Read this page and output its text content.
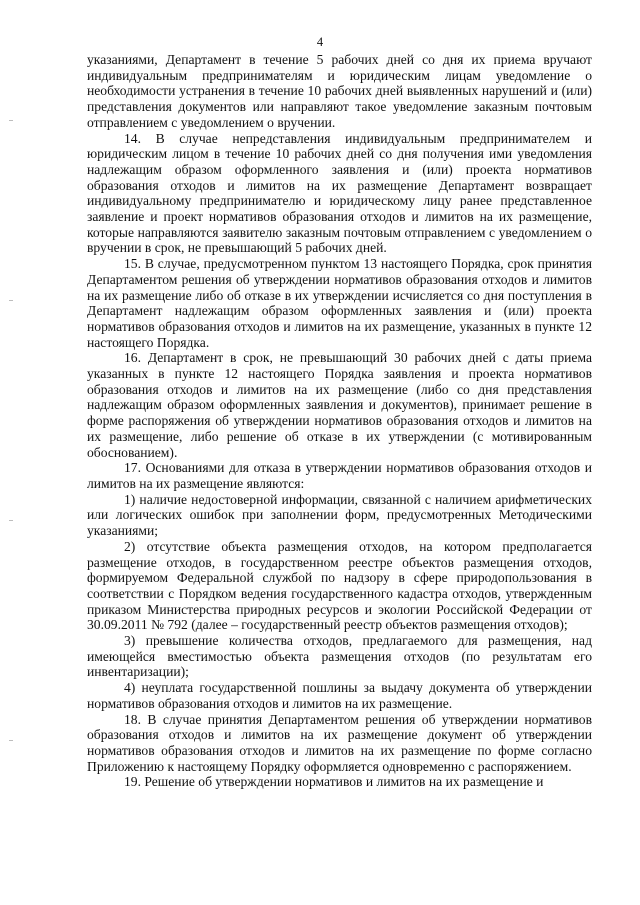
4

указаниями, Департамент в течение 5 рабочих дней со дня их приема вручают индивидуальным предпринимателям и юридическим лицам уведомление о необходимости устранения в течение 10 рабочих дней выявленных нарушений и (или) представления документов или направляют такое уведомление заказным почтовым отправлением с уведомлением о вручении.

14. В случае непредставления индивидуальным предпринимателем и юридическим лицом в течение 10 рабочих дней со дня получения ими уведомления надлежащим образом оформленного заявления и (или) проекта нормативов образования отходов и лимитов на их размещение Департамент возвращает индивидуальному предпринимателю и юридическому лицу ранее представленное заявление и проект нормативов образования отходов и лимитов на их размещение, которые направляются заявителю заказным почтовым отправлением с уведомлением о вручении в срок, не превышающий 5 рабочих дней.

15. В случае, предусмотренном пунктом 13 настоящего Порядка, срок принятия Департаментом решения об утверждении нормативов образования отходов и лимитов на их размещение либо об отказе в их утверждении исчисляется со дня поступления в Департамент надлежащим образом оформленных заявления и (или) проекта нормативов образования отходов и лимитов на их размещение, указанных в пункте 12 настоящего Порядка.

16. Департамент в срок, не превышающий 30 рабочих дней с даты приема указанных в пункте 12 настоящего Порядка заявления и проекта нормативов образования отходов и лимитов на их размещение (либо со дня представления надлежащим образом оформленных заявления и документов), принимает решение в форме распоряжения об утверждении нормативов образования отходов и лимитов на их размещение, либо решение об отказе в их утверждении (с мотивированным обоснованием).

17. Основаниями для отказа в утверждении нормативов образования отходов и лимитов на их размещение являются:

1) наличие недостоверной информации, связанной с наличием арифметических или логических ошибок при заполнении форм, предусмотренных Методическими указаниями;

2) отсутствие объекта размещения отходов, на котором предполагается размещение отходов, в государственном реестре объектов размещения отходов, формируемом Федеральной службой по надзору в сфере природопользования в соответствии с Порядком ведения государственного кадастра отходов, утвержденным приказом Министерства природных ресурсов и экологии Российской Федерации от 30.09.2011 № 792 (далее – государственный реестр объектов размещения отходов);

3) превышение количества отходов, предлагаемого для размещения, над имеющейся вместимостью объекта размещения отходов (по результатам его инвентаризации);

4) неуплата государственной пошлины за выдачу документа об утверждении нормативов образования отходов и лимитов на их размещение.

18. В случае принятия Департаментом решения об утверждении нормативов образования отходов и лимитов на их размещение документ об утверждении нормативов образования отходов и лимитов на их размещение по форме согласно Приложению к настоящему Порядку оформляется одновременно с распоряжением.

19. Решение об утверждении нормативов и лимитов на их размещение и
